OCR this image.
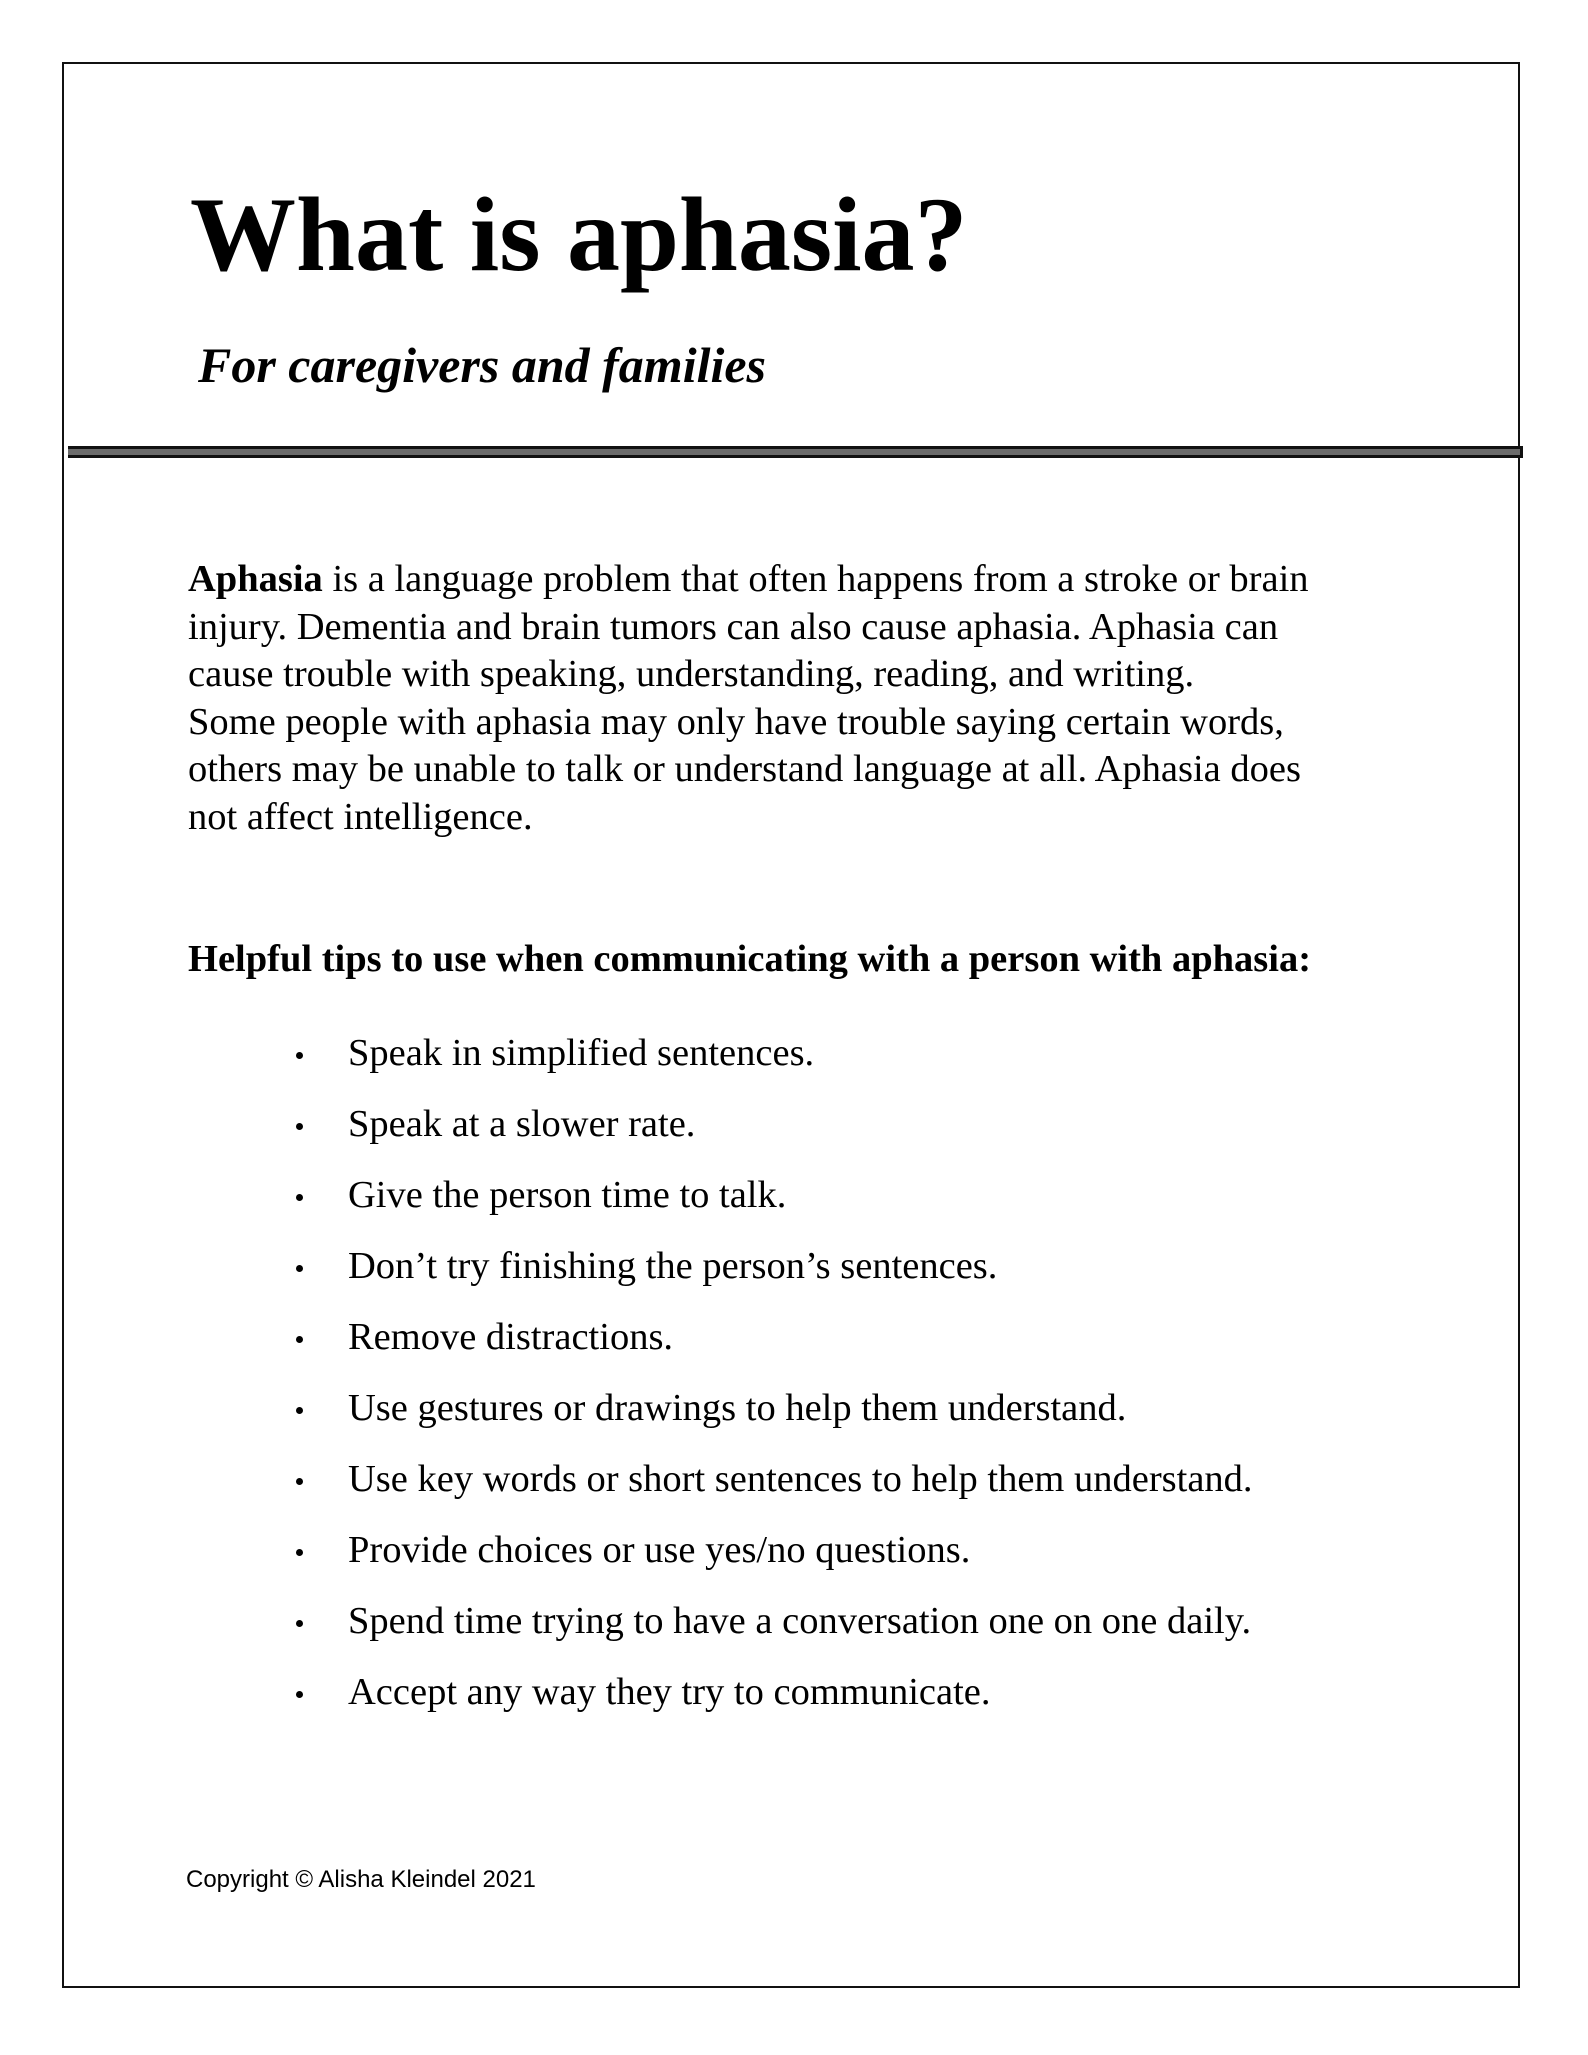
What is aphasia?
For caregivers and families

Aphasia is a language problem that often happens from a stroke or brain
injury. Dementia and brain tumors can also cause aphasia. Aphasia can
cause trouble with speaking, understanding, reading, and writing.
Some people with aphasia may only have trouble saying certain words,
others may be unable to talk or understand language at all. Aphasia does
not affect intelligence.

Helpful tips to use when communicating with a person with aphasia:
Speak in simplified sentences.
Speak at a slower rate.
Give the person time to talk.
Don’t try finishing the person’s sentences.
Remove distractions.
Use gestures or drawings to help them understand.
Use key words or short sentences to help them understand.
Provide choices or use yes/no questions.
Spend time trying to have a conversation one on one daily.
Accept any way they try to communicate.

Copyright © Alisha Kleindel 2021
